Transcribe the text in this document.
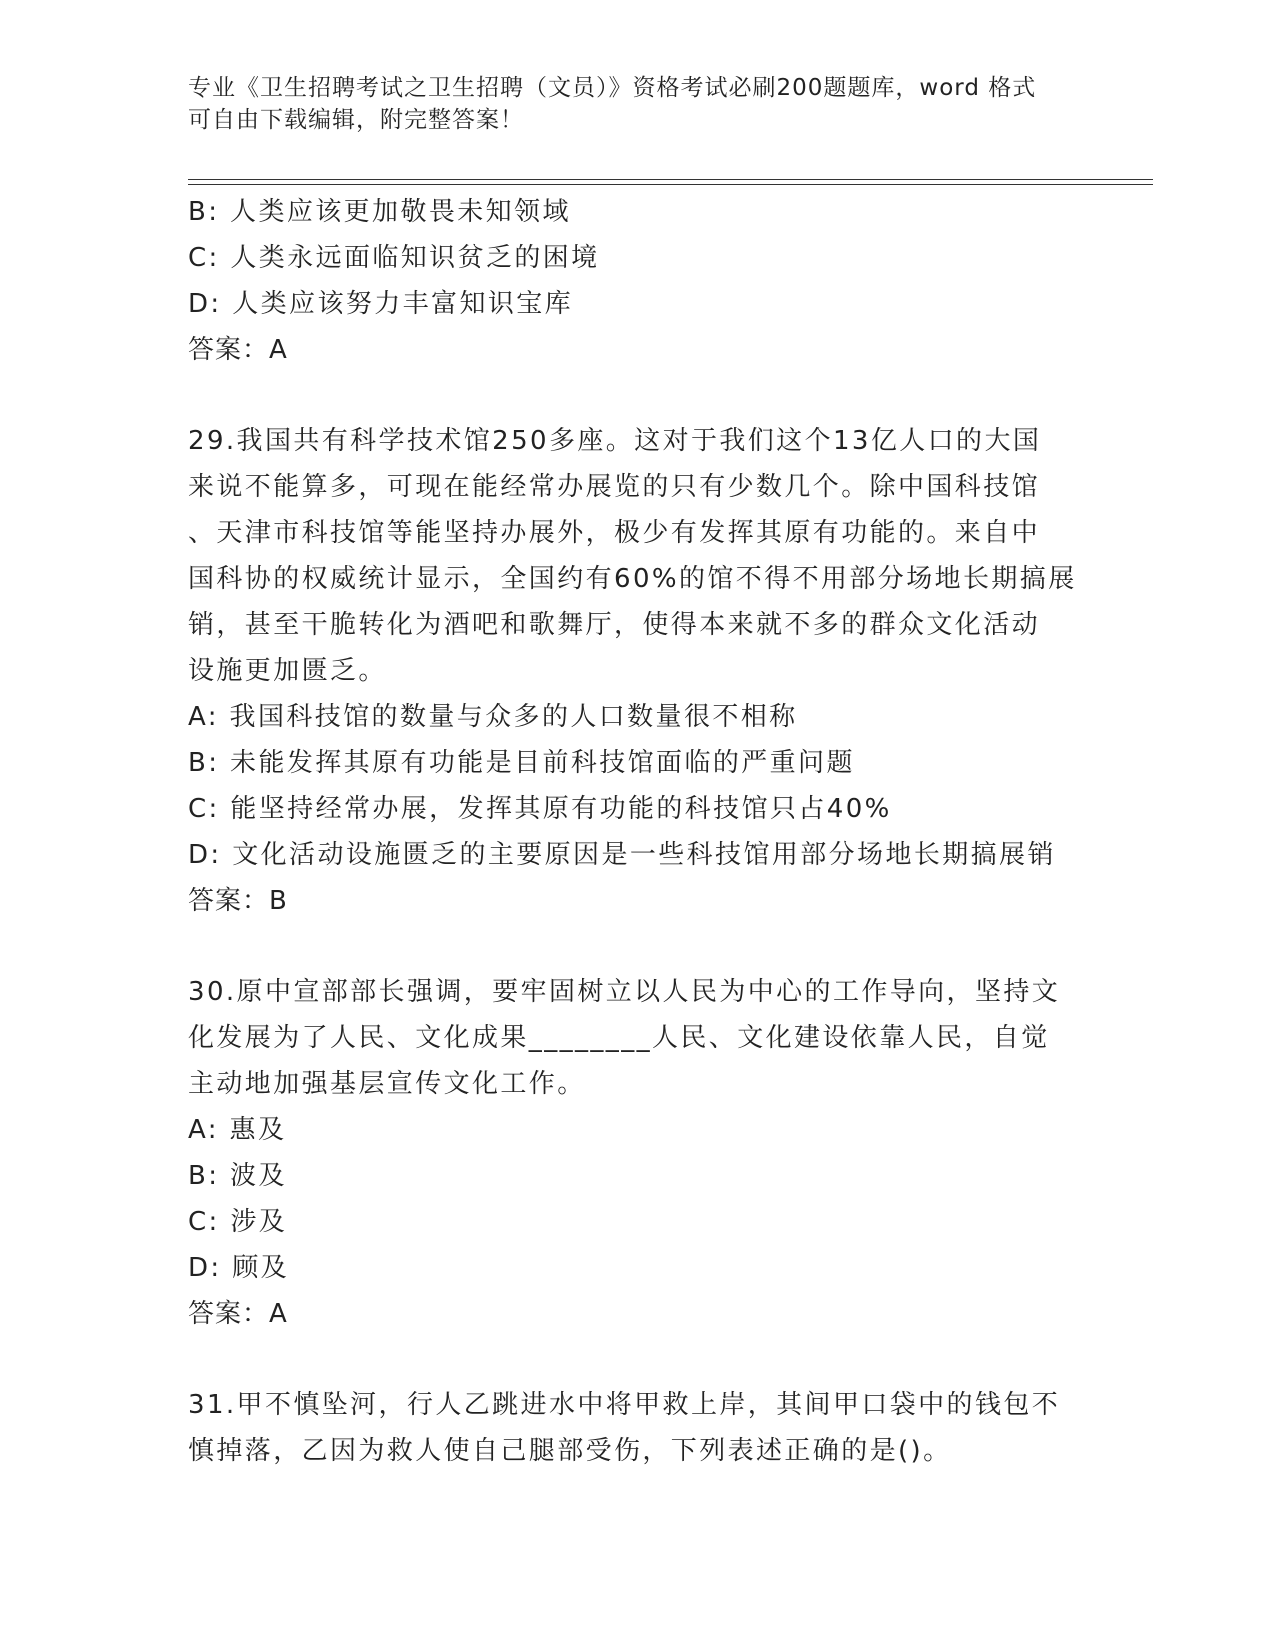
专业《卫生招聘考试之卫生招聘（文员）》资格考试必刷200题题库，word 格式
可自由下载编辑，附完整答案！
B: 人类应该更加敬畏未知领域
C: 人类永远面临知识贫乏的困境
D: 人类应该努力丰富知识宝库
答案：A
29.我国共有科学技术馆250多座。这对于我们这个13亿人口的大国
来说不能算多，可现在能经常办展览的只有少数几个。除中国科技馆
、天津市科技馆等能坚持办展外，极少有发挥其原有功能的。来自中
国科协的权威统计显示，全国约有60%的馆不得不用部分场地长期搞展
销，甚至干脆转化为酒吧和歌舞厅，使得本来就不多的群众文化活动
设施更加匮乏。
A: 我国科技馆的数量与众多的人口数量很不相称
B: 未能发挥其原有功能是目前科技馆面临的严重问题
C: 能坚持经常办展，发挥其原有功能的科技馆只占40%
D: 文化活动设施匮乏的主要原因是一些科技馆用部分场地长期搞展销
答案：B
30.原中宣部部长强调，要牢固树立以人民为中心的工作导向，坚持文
化发展为了人民、文化成果________人民、文化建设依靠人民，自觉
主动地加强基层宣传文化工作。
A: 惠及
B: 波及
C: 涉及
D: 顾及
答案：A
31.甲不慎坠河，行人乙跳进水中将甲救上岸，其间甲口袋中的钱包不
慎掉落，乙因为救人使自己腿部受伤，下列表述正确的是()。
